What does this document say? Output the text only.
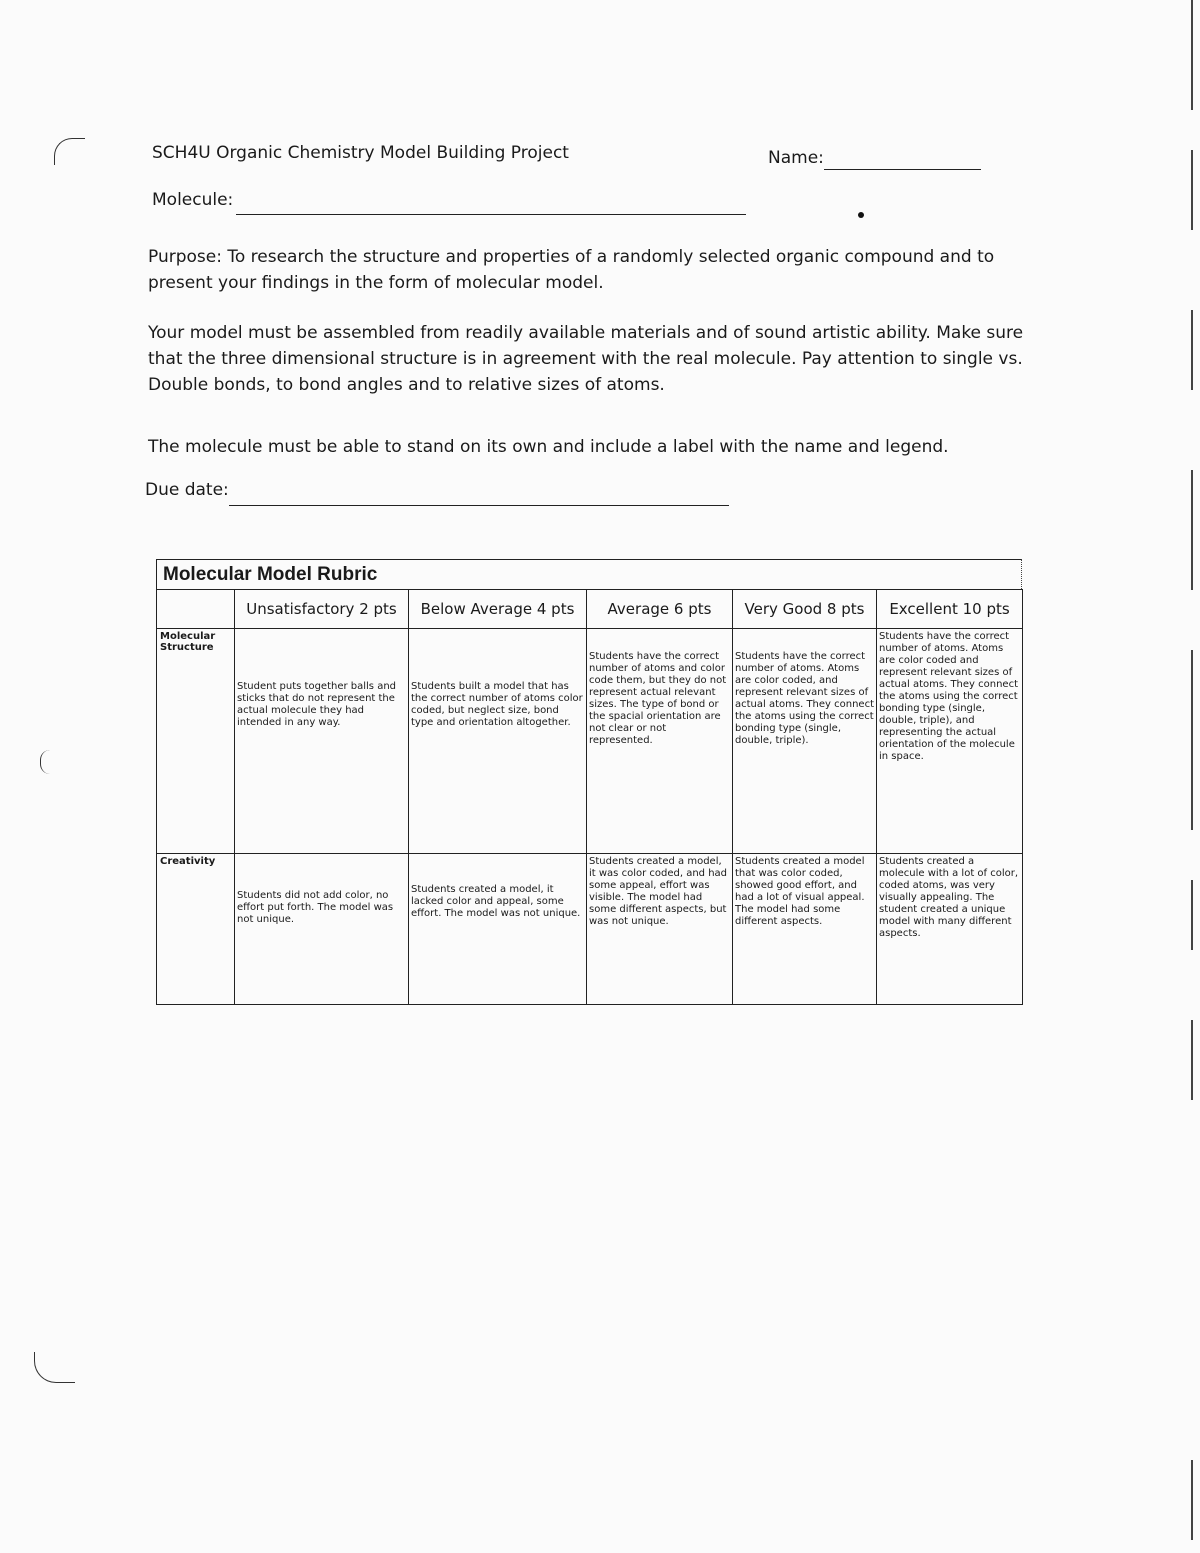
SCH4U Organic Chemistry Model Building Project	Name:
Molecule:
Purpose: To research the structure and properties of a randomly selected organic compound and to present your findings in the form of molecular model.
Your model must be assembled from readily available materials and of sound artistic ability. Make sure that the three dimensional structure is in agreement with the real molecule. Pay attention to single vs. Double bonds, to bond angles and to relative sizes of atoms.
The molecule must be able to stand on its own and include a label with the name and legend.
Due date:
Molecular Model Rubric
	Unsatisfactory 2 pts	Below Average 4 pts	Average 6 pts	Very Good 8 pts	Excellent 10 pts
Molecular Structure	Student puts together balls and sticks that do not represent the actual molecule they had intended in any way.	Students built a model that has the correct number of atoms color coded, but neglect size, bond type and orientation altogether.	Students have the correct number of atoms and color code them, but they do not represent actual relevant sizes. The type of bond or the spacial orientation are not clear or not represented.	Students have the correct number of atoms. Atoms are color coded, and represent relevant sizes of actual atoms. They connect the atoms using the correct bonding type (single, double, triple).	Students have the correct number of atoms. Atoms are color coded and represent relevant sizes of actual atoms. They connect the atoms using the correct bonding type (single, double, triple), and representing the actual orientation of the molecule in space.

Creativity	Students did not add color, no effort put forth. The model was not unique.	Students created a model, it lacked color and appeal, some effort. The model was not unique.	Students created a model, it was color coded, and had some appeal, effort was visible. The model had some different aspects, but was not unique.	Students created a model that was color coded, showed good effort, and had a lot of visual appeal. The model had some different aspects.	Students created a molecule with a lot of color, coded atoms, was very visually appealing. The student created a unique model with many different aspects.
